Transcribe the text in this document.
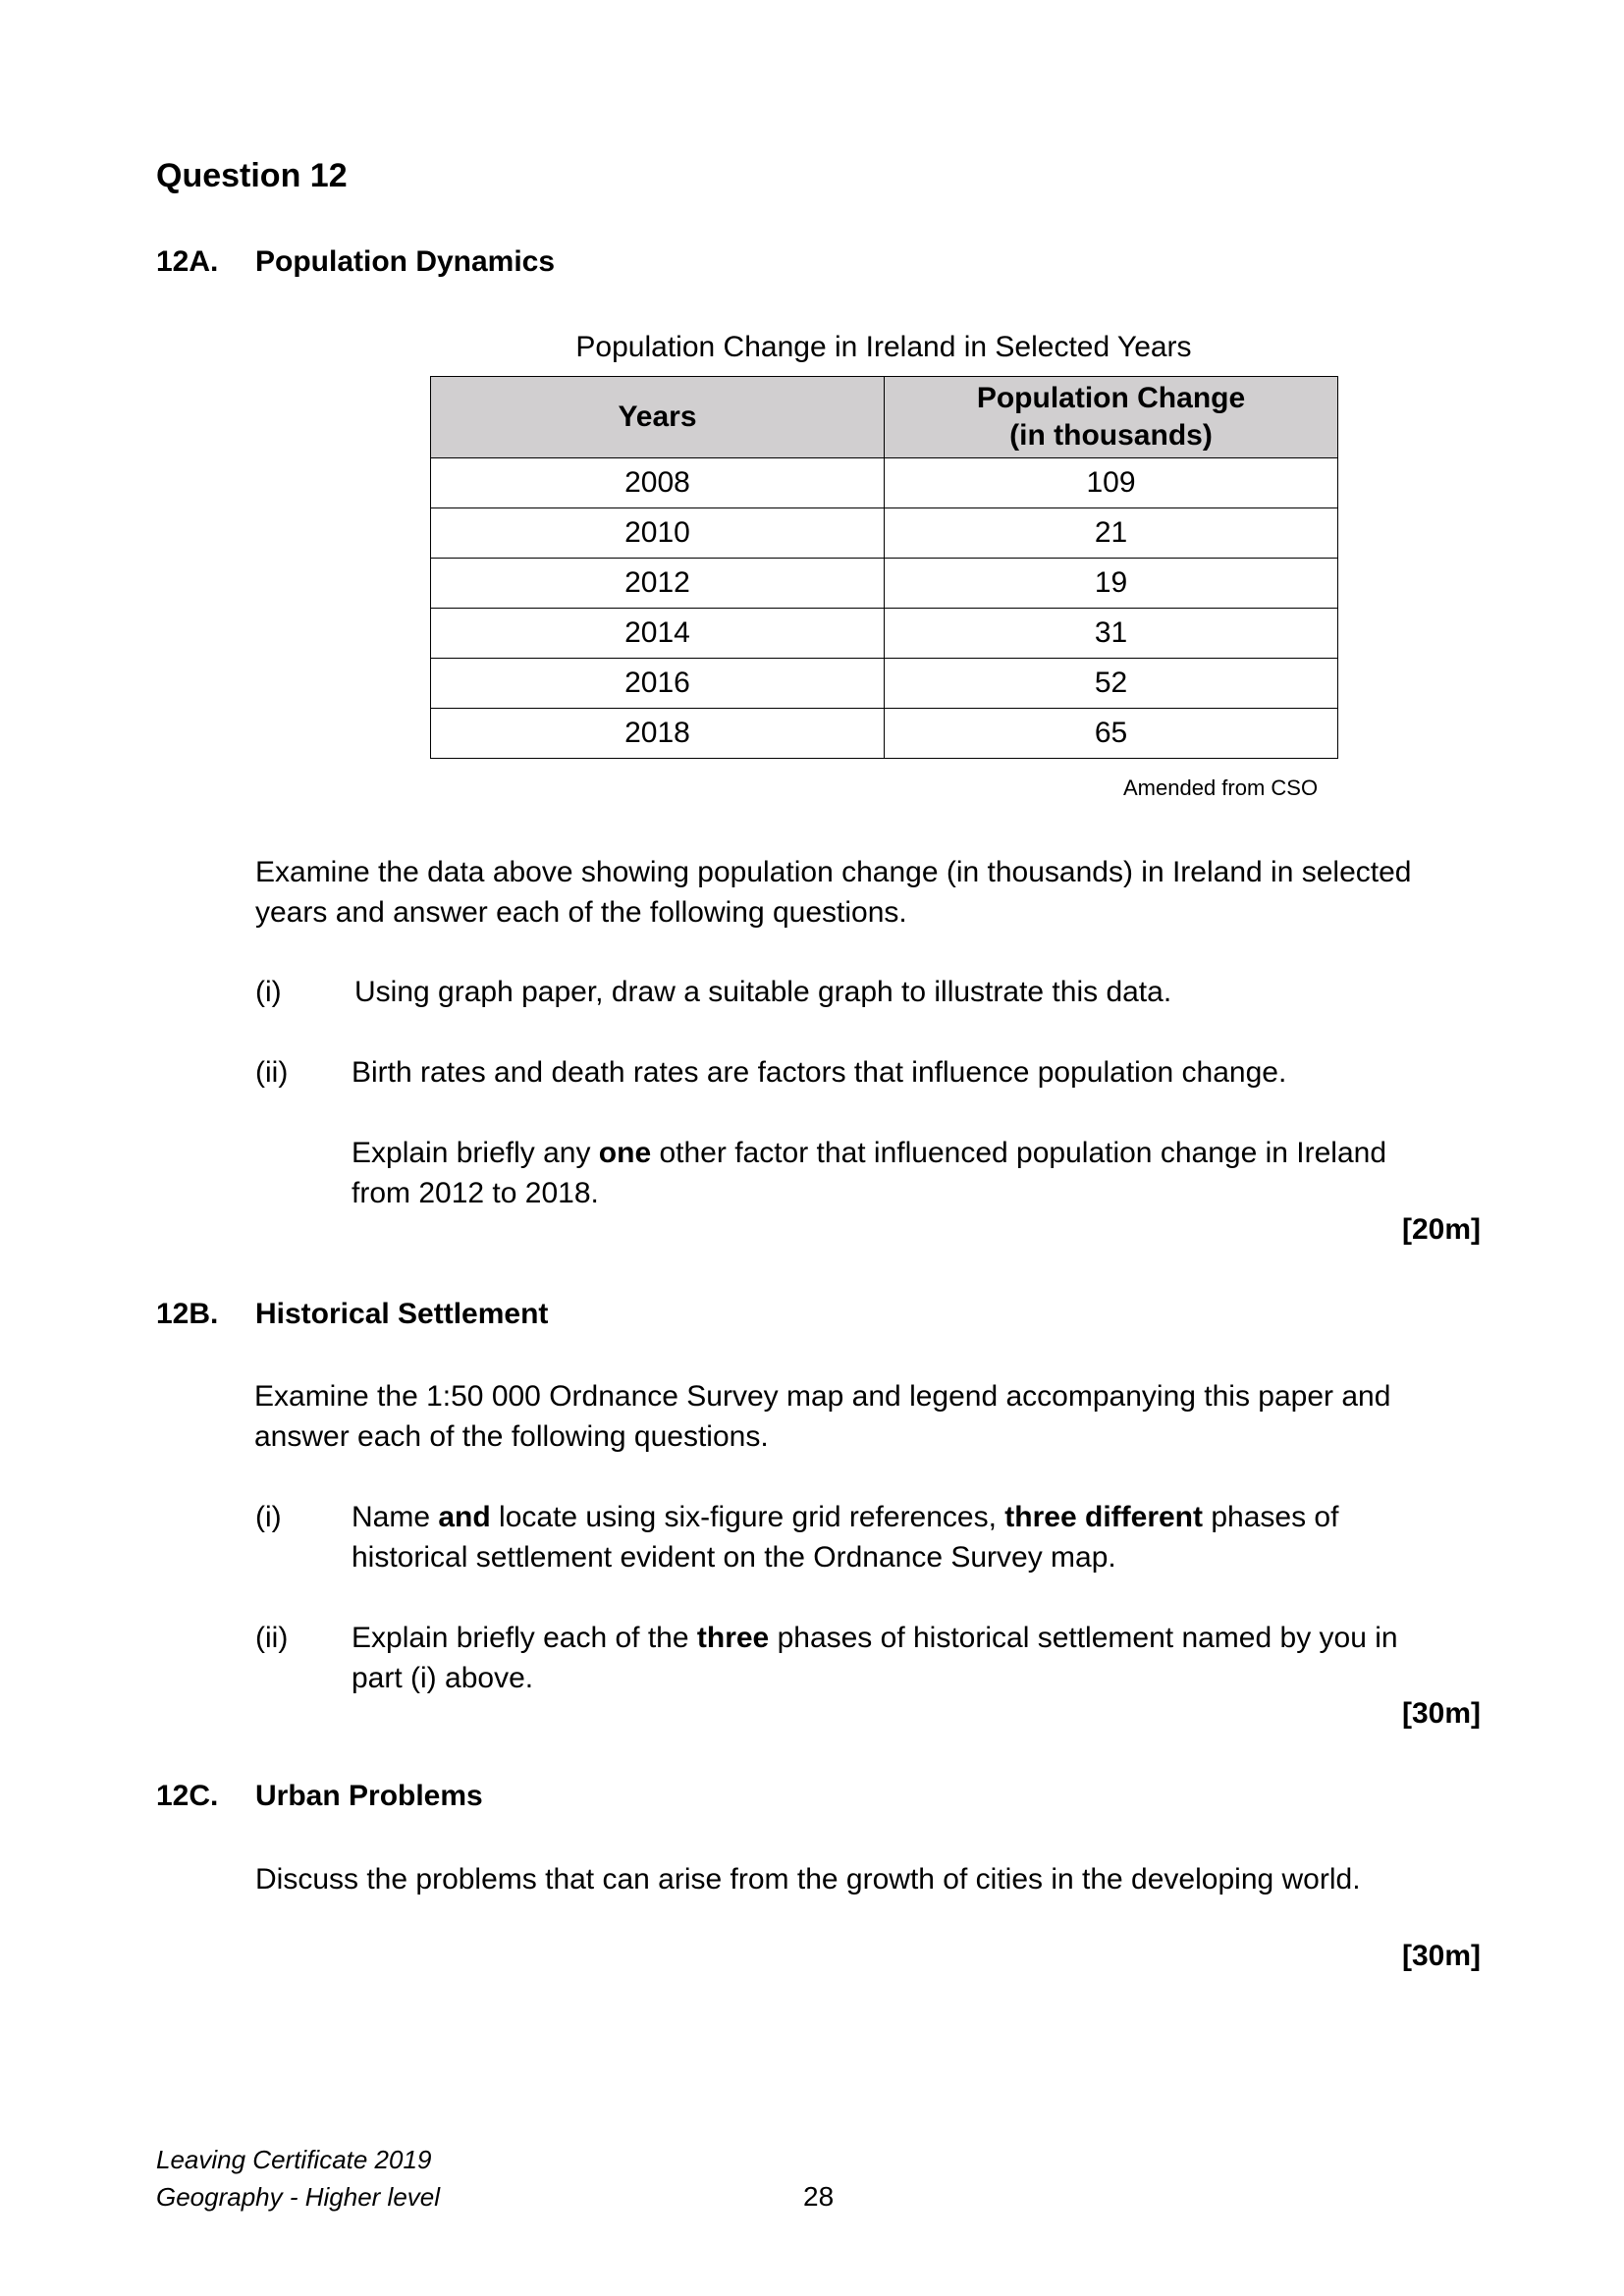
Question 12
12A. Population Dynamics
Population Change in Ireland in Selected Years
Years	Population Change
(in thousands)
2008	109
2010	21
2012	19
2014	31
2016	52
2018	65
Amended from CSO
Examine the data above showing population change (in thousands) in Ireland in selected
years and answer each of the following questions.
(i) Using graph paper, draw a suitable graph to illustrate this data.
(ii) Birth rates and death rates are factors that influence population change.
Explain briefly any one other factor that influenced population change in Ireland
from 2012 to 2018.
[20m]
12B. Historical Settlement
Examine the 1:50 000 Ordnance Survey map and legend accompanying this paper and
answer each of the following questions.
(i) Name and locate using six-figure grid references, three different phases of
historical settlement evident on the Ordnance Survey map.
(ii) Explain briefly each of the three phases of historical settlement named by you in
part (i) above.
[30m]
12C. Urban Problems
Discuss the problems that can arise from the growth of cities in the developing world.
[30m]
Leaving Certificate 2019
Geography - Higher level	28
